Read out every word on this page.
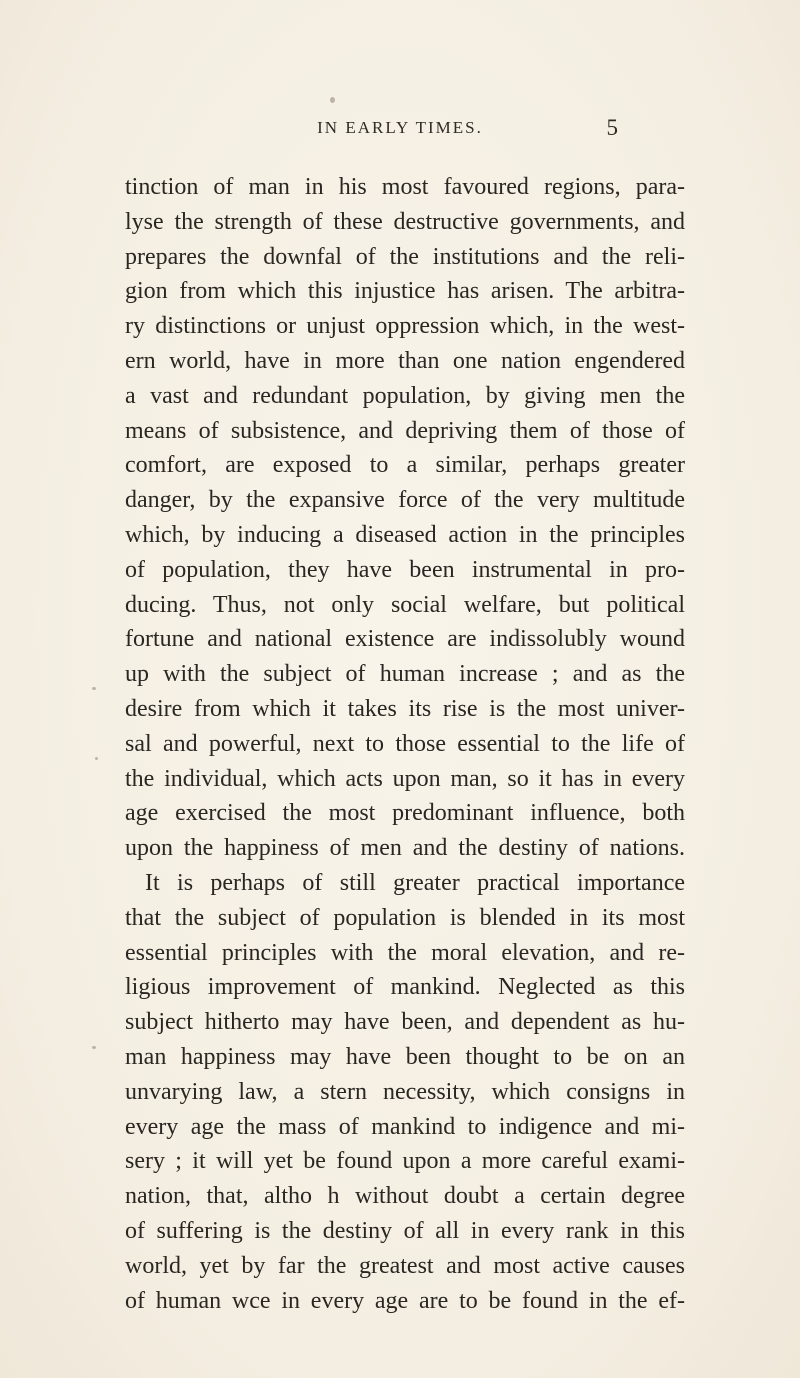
IN EARLY TIMES.	5
tinction of man in his most favoured regions, para-
lyse the strength of these destructive governments, and
prepares the downfal of the institutions and the reli-
gion from which this injustice has arisen. The arbitra-
ry distinctions or unjust oppression which, in the west-
ern world, have in more than one nation engendered
a vast and redundant population, by giving men the
means of subsistence, and depriving them of those of
comfort, are exposed to a similar, perhaps greater
danger, by the expansive force of the very multitude
which, by inducing a diseased action in the principles
of population, they have been instrumental in pro-
ducing. Thus, not only social welfare, but political
fortune and national existence are indissolubly wound
up with the subject of human increase ; and as the
desire from which it takes its rise is the most univer-
sal and powerful, next to those essential to the life of
the individual, which acts upon man, so it has in every
age exercised the most predominant influence, both
upon the happiness of men and the destiny of nations.
It is perhaps of still greater practical importance
that the subject of population is blended in its most
essential principles with the moral elevation, and re-
ligious improvement of mankind. Neglected as this
subject hitherto may have been, and dependent as hu-
man happiness may have been thought to be on an
unvarying law, a stern necessity, which consigns in
every age the mass of mankind to indigence and mi-
sery ; it will yet be found upon a more careful exami-
nation, that, altho h without doubt a certain degree
of suffering is the destiny of all in every rank in this
world, yet by far the greatest and most active causes
of human wce in every age are to be found in the ef-
